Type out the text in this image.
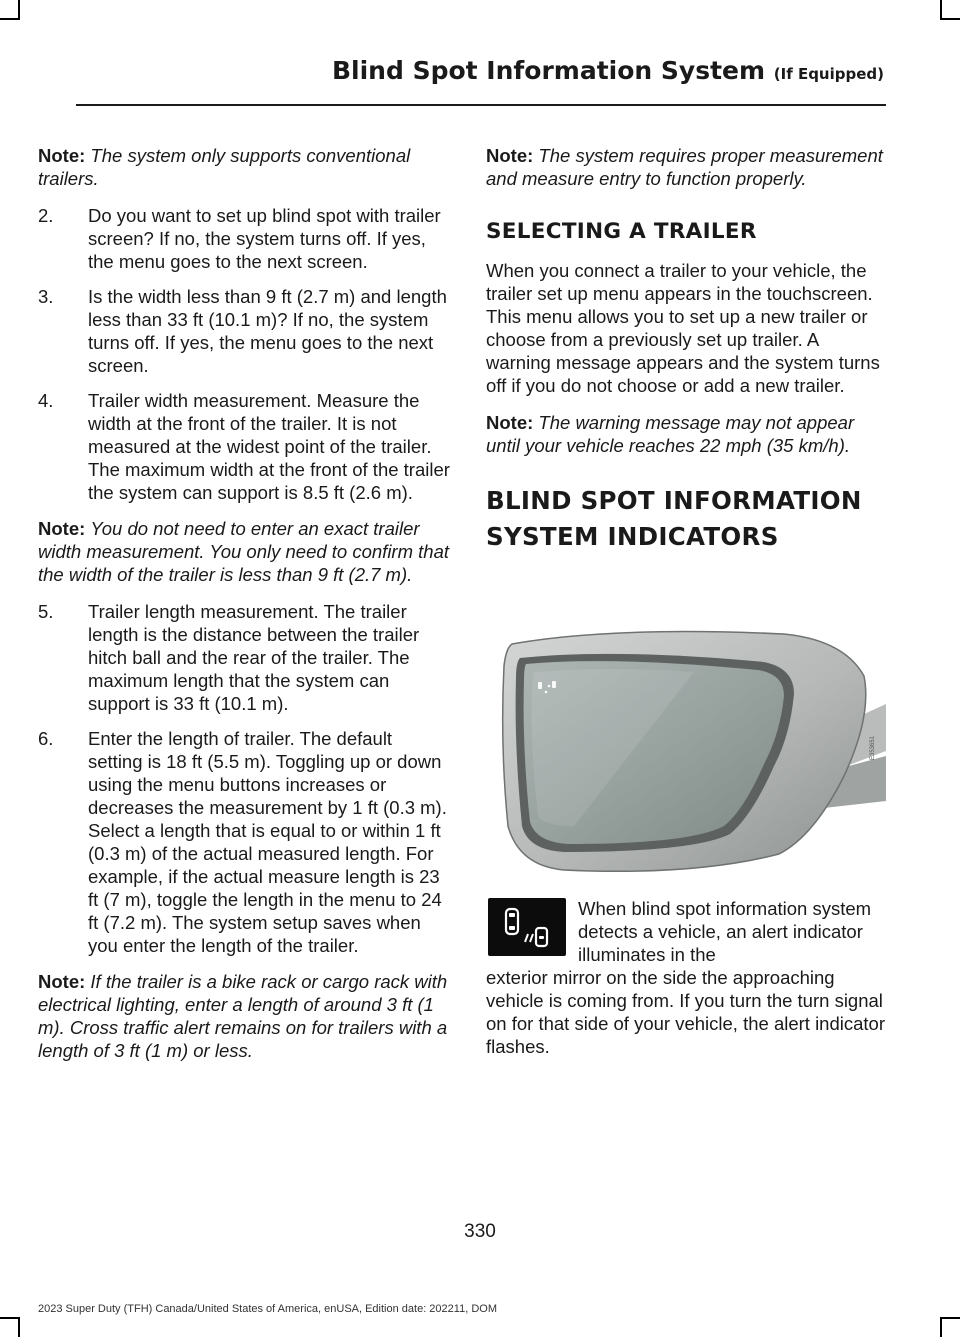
Blind Spot Information System (If Equipped)

Note: The system only supports conventional trailers.

2. Do you want to set up blind spot with trailer screen? If no, the system turns off. If yes, the menu goes to the next screen.
3. Is the width less than 9 ft (2.7 m) and length less than 33 ft (10.1 m)? If no, the system turns off. If yes, the menu goes to the next screen.
4. Trailer width measurement. Measure the width at the front of the trailer. It is not measured at the widest point of the trailer. The maximum width at the front of the trailer the system can support is 8.5 ft (2.6 m).

Note: You do not need to enter an exact trailer width measurement. You only need to confirm that the width of the trailer is less than 9 ft (2.7 m).

5. Trailer length measurement. The trailer length is the distance between the trailer hitch ball and the rear of the trailer. The maximum length that the system can support is 33 ft (10.1 m).
6. Enter the length of trailer. The default setting is 18 ft (5.5 m). Toggling up or down using the menu buttons increases or decreases the measurement by 1 ft (0.3 m). Select a length that is equal to or within 1 ft (0.3 m) of the actual measured length. For example, if the actual measure length is 23 ft (7 m), toggle the length in the menu to 24 ft (7.2 m). The system setup saves when you enter the length of the trailer.

Note: If the trailer is a bike rack or cargo rack with electrical lighting, enter a length of around 3 ft (1 m). Cross traffic alert remains on for trailers with a length of 3 ft (1 m) or less.

Note: The system requires proper measurement and measure entry to function properly.

SELECTING A TRAILER

When you connect a trailer to your vehicle, the trailer set up menu appears in the touchscreen. This menu allows you to set up a new trailer or choose from a previously set up trailer. A warning message appears and the system turns off if you do not choose or add a new trailer.

Note: The warning message may not appear until your vehicle reaches 22 mph (35 km/h).

BLIND SPOT INFORMATION
SYSTEM INDICATORS
E353651
When blind spot information system detects a vehicle, an alert indicator illuminates in the
exterior mirror on the side the approaching vehicle is coming from. If you turn the turn signal on for that side of your vehicle, the alert indicator flashes.
330
2023 Super Duty (TFH) Canada/United States of America, enUSA, Edition date: 202211, DOM
